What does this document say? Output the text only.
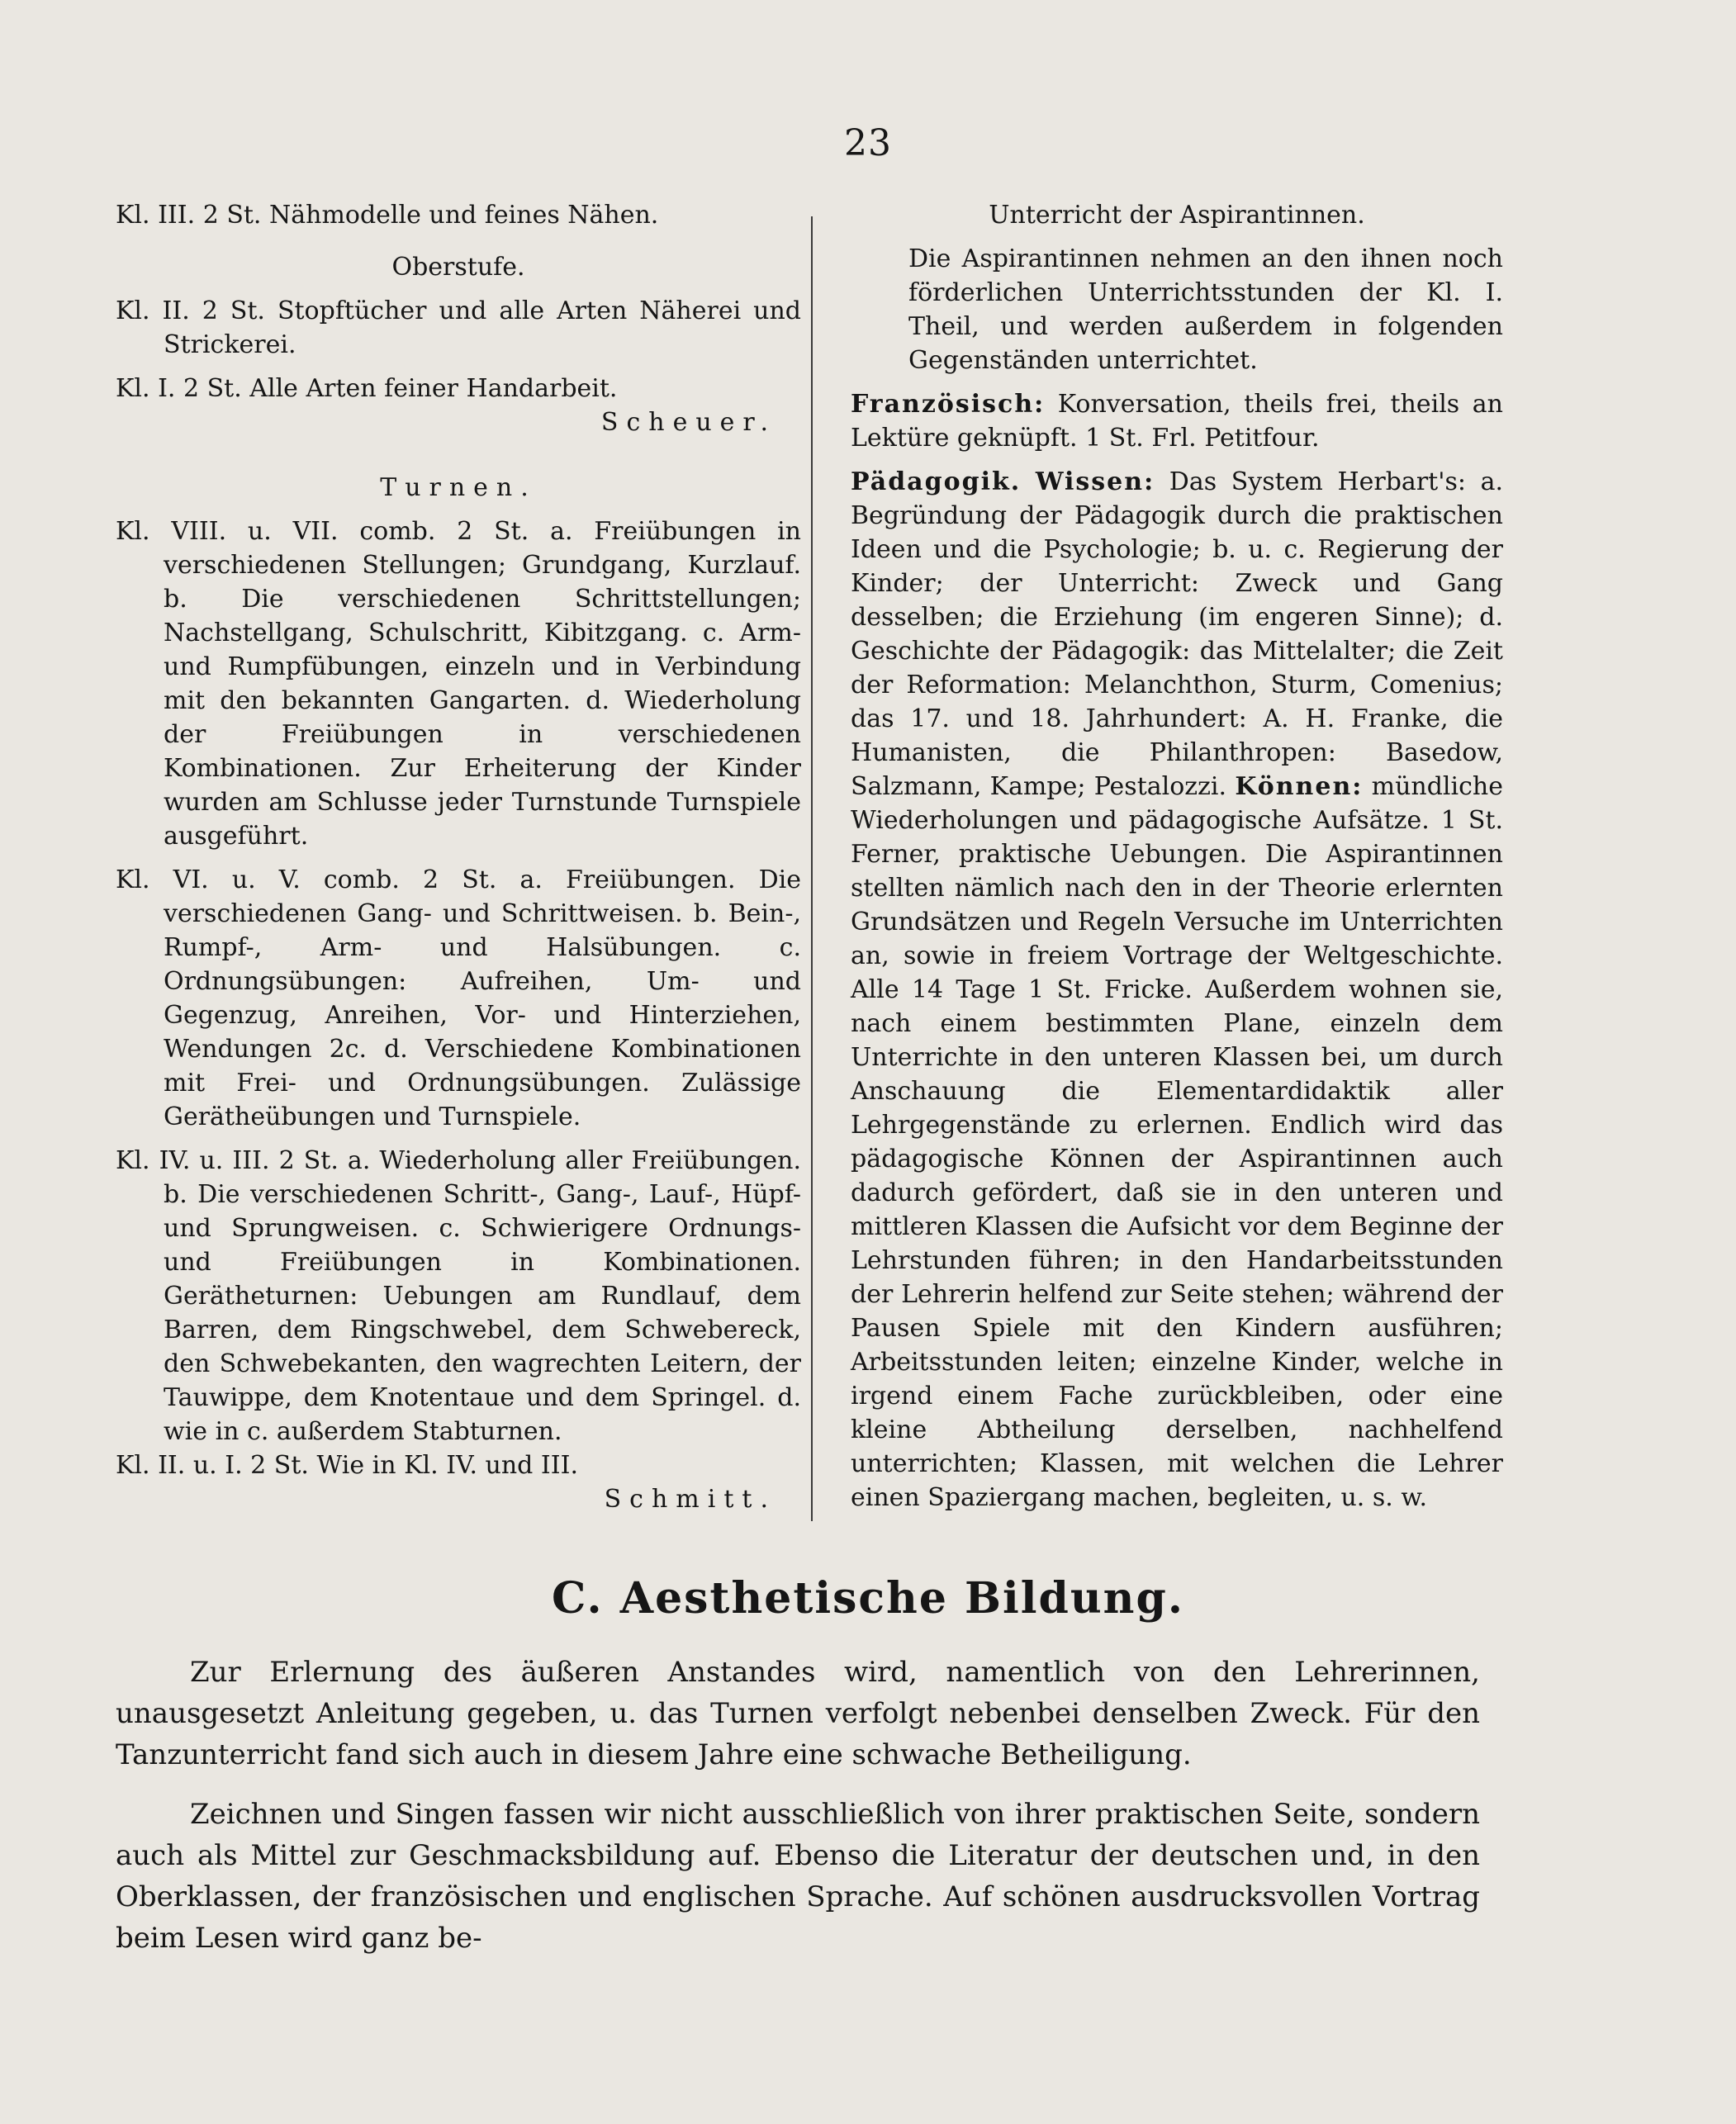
23

Kl. III. 2 St. Nähmodelle und feines Nähen.

Oberstufe.

Kl. II. 2 St. Stopftücher und alle Arten Näherei und Strickerei.

Kl. I. 2 St. Alle Arten feiner Handarbeit.

Scheuer.

Turnen.

Kl. VIII. u. VII. comb. 2 St. a. Freiübungen in verschiedenen Stellungen; Grundgang, Kurzlauf. b. Die verschiedenen Schrittstellungen; Nachstellgang, Schulschritt, Kibitzgang. c. Arm- und Rumpfübungen, einzeln und in Verbindung mit den bekannten Gangarten. d. Wiederholung der Freiübungen in verschiedenen Kombinationen. Zur Erheiterung der Kinder wurden am Schlusse jeder Turnstunde Turnspiele ausgeführt.

Kl. VI. u. V. comb. 2 St. a. Freiübungen. Die verschiedenen Gang- und Schrittweisen. b. Bein-, Rumpf-, Arm- und Halsübungen. c. Ordnungsübungen: Aufreihen, Um- und Gegenzug, Anreihen, Vor- und Hinterziehen, Wendungen 2c. d. Verschiedene Kombinationen mit Frei- und Ordnungsübungen. Zulässige Geräthеübungen und Turnspiele.

Kl. IV. u. III. 2 St. a. Wiederholung aller Freiübungen. b. Die verschiedenen Schritt-, Gang-, Lauf-, Hüpf- und Sprungweisen. c. Schwierigere Ordnungs- und Freiübungen in Kombinationen. Geräthеturnen: Uebungen am Rundlauf, dem Barren, dem Ringschwebel, dem Schwebereck, den Schwebekanten, den wagrechten Leitern, der Tauwippe, dem Knotentaue und dem Springel. d. wie in c. außerdem Stabturnen.

Kl. II. u. I. 2 St. Wie in Kl. IV. und III.

Schmitt.

Unterricht der Aspirantinnen.

Die Aspirantinnen nehmen an den ihnen noch förderlichen Unterrichtsstunden der Kl. I. Theil, und werden außerdem in folgenden Gegenständen unterrichtet.

Französisch: Konversation, theils frei, theils an Lektüre geknüpft. 1 St. Frl. Petitfour.

Pädagogik. Wissen: Das System Herbart's: a. Begründung der Pädagogik durch die praktischen Ideen und die Psychologie; b. u. c. Regierung der Kinder; der Unterricht: Zweck und Gang desselben; die Erziehung (im engeren Sinne); d. Geschichte der Pädagogik: das Mittelalter; die Zeit der Reformation: Melanchthon, Sturm, Comenius; das 17. und 18. Jahrhundert: A. H. Franke, die Humanisten, die Philanthropen: Basedow, Salzmann, Kampe; Pestalozzi. Können: mündliche Wiederholungen und pädagogische Aufsätze. 1 St. Ferner, praktische Uebungen. Die Aspirantinnen stellten nämlich nach den in der Theorie erlernten Grundsätzen und Regeln Versuche im Unterrichten an, sowie in freiem Vortrage der Weltgeschichte. Alle 14 Tage 1 St. Fricke. Außerdem wohnen sie, nach einem bestimmten Plane, einzeln dem Unterrichte in den unteren Klassen bei, um durch Anschauung die Elementardidaktik aller Lehrgegenstände zu erlernen. Endlich wird das pädagogische Können der Aspirantinnen auch dadurch gefördert, daß sie in den unteren und mittleren Klassen die Aufsicht vor dem Beginne der Lehrstunden führen; in den Handarbeitsstunden der Lehrerin helfend zur Seite stehen; während der Pausen Spiele mit den Kindern ausführen; Arbeitsstunden leiten; einzelne Kinder, welche in irgend einem Fache zurückbleiben, oder eine kleine Abtheilung derselben, nachhelfend unterrichten; Klassen, mit welchen die Lehrer einen Spaziergang machen, begleiten, u. s. w.

C. Aesthetische Bildung.

Zur Erlernung des äußeren Anstandes wird, namentlich von den Lehrerinnen, unausgesetzt Anleitung gegeben, u. das Turnen verfolgt nebenbei denselben Zweck. Für den Tanzunterricht fand sich auch in diesem Jahre eine schwache Betheiligung.

Zeichnen und Singen fassen wir nicht ausschließlich von ihrer praktischen Seite, sondern auch als Mittel zur Geschmacksbildung auf. Ebenso die Literatur der deutschen und, in den Oberklassen, der französischen und englischen Sprache. Auf schönen ausdrucksvollen Vortrag beim Lesen wird ganz be-
